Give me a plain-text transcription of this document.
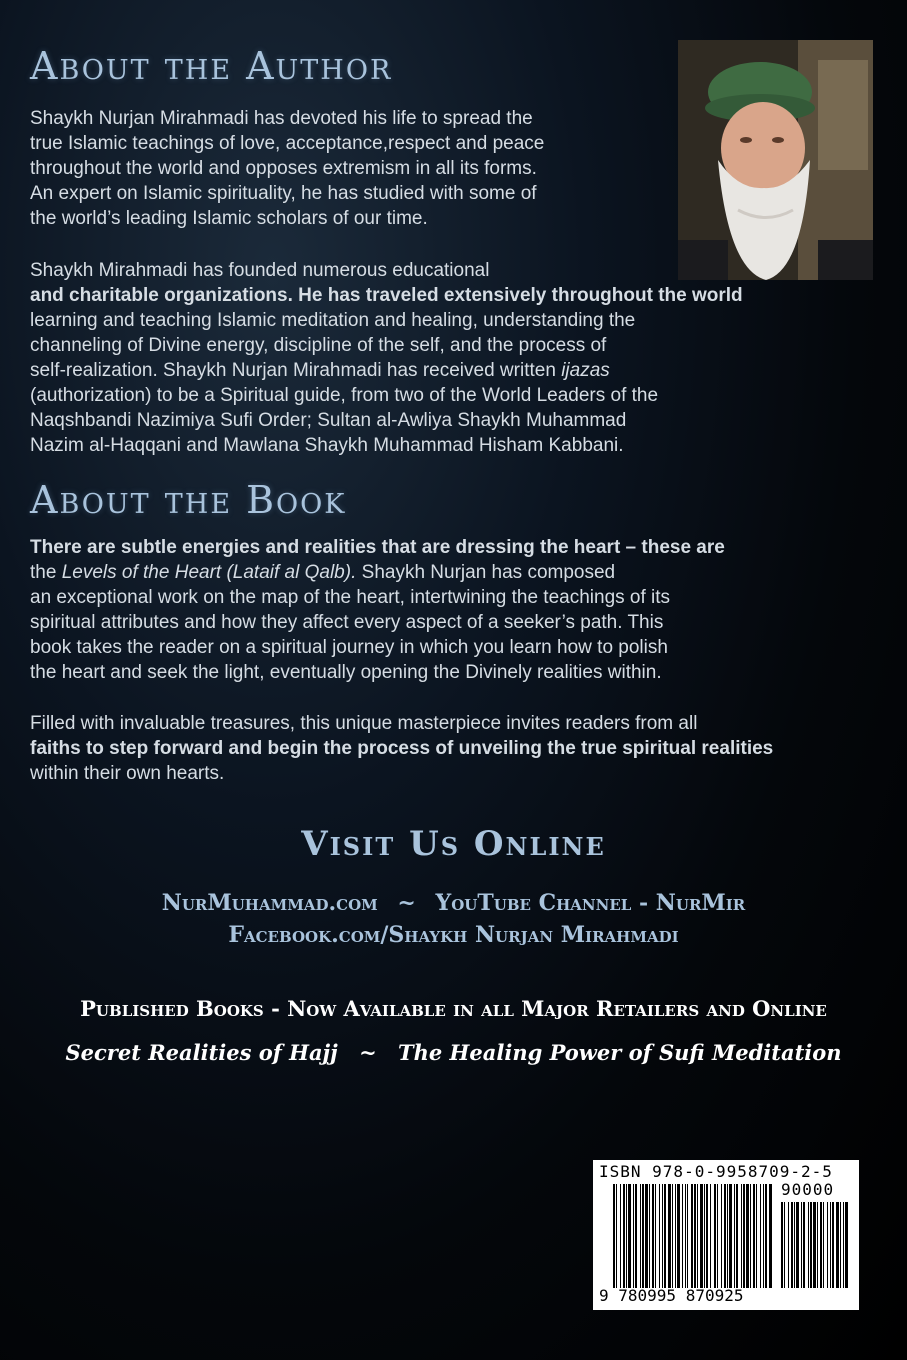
About the Author
Shaykh Nurjan Mirahmadi has devoted his life to spread the
true Islamic teachings of love, acceptance,respect and peace
throughout the world and opposes extremism in all its forms.
An expert on Islamic spirituality, he has studied with some of
the world’s leading Islamic scholars of our time.
Shaykh Mirahmadi has founded numerous educational
and charitable organizations. He has traveled extensively throughout the world
learning and teaching Islamic meditation and healing, understanding the
channeling of Divine energy, discipline of the self, and the process of
self-realization. Shaykh Nurjan Mirahmadi has received written ijazas
(authorization) to be a Spiritual guide, from two of the World Leaders of the
Naqshbandi Nazimiya Sufi Order; Sultan al-Awliya Shaykh Muhammad
Nazim al-Haqqani and Mawlana Shaykh Muhammad Hisham Kabbani.
About the Book
There are subtle energies and realities that are dressing the heart – these are
the Levels of the Heart (Lataif al Qalb). Shaykh Nurjan has composed
an exceptional work on the map of the heart, intertwining the teachings of its
spiritual attributes and how they affect every aspect of a seeker’s path. This
book takes the reader on a spiritual journey in which you learn how to polish
the heart and seek the light, eventually opening the Divinely realities within.
Filled with invaluable treasures, this unique masterpiece invites readers from all
faiths to step forward and begin the process of unveiling the true spiritual realities
within their own hearts.
Visit Us Online
NurMuhammad.com ~ YouTube Channel - NurMir
Facebook.com/Shaykh Nurjan Mirahmadi
Published Books - Now Available in all Major Retailers and Online
Secret Realities of Hajj ~ The Healing Power of Sufi Meditation
ISBN 978-0-9958709-2-5
90000
9 780995 870925
